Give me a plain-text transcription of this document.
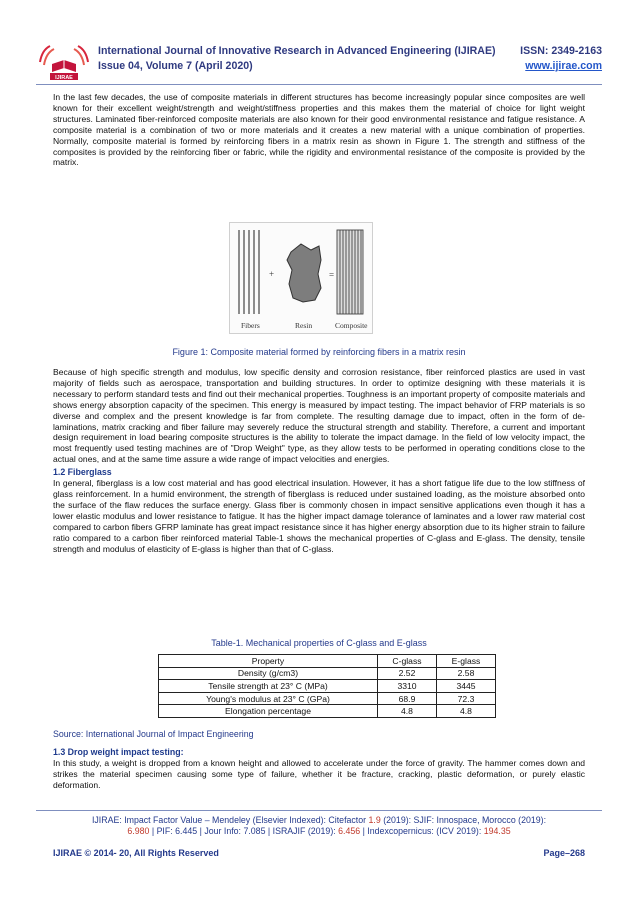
IJIRAE
International Journal of Innovative Research in Advanced Engineering (IJIRAE)	ISSN: 2349-2163
Issue 04, Volume 7 (April 2020)	www.ijirae.com

In the last few decades, the use of composite materials in different structures has become increasingly popular since composites are well known for their excellent weight/strength and weight/stiffness properties and this makes them the material of choice for light weight structures. Laminated fiber-reinforced composite materials are also known for their good environmental resistance and fatigue resistance. A composite material is a combination of two or more materials and it creates a new material with a unique combination of properties. Normally, composite material is formed by reinforcing fibers in a matrix resin as shown in Figure 1. The strength and stiffness of the composites is provided by the reinforcing fiber or fabric, while the rigidity and environmental resistance of the composite is provided by the matrix.

+	=
Fibers	Resin	Composite
Figure 1: Composite material formed by reinforcing fibers in a matrix resin

Because of high specific strength and modulus, low specific density and corrosion resistance, fiber reinforced plastics are used in vast majority of fields such as aerospace, transportation and building structures. In order to optimize designing with these materials it is necessary to perform standard tests and find out their mechanical properties. Toughness is an important property of composite materials and shows energy absorption capacity of the specimen. This energy is measured by impact testing. The impact behavior of FRP materials is so diverse and complex and the present knowledge is far from complete. The resulting damage due to impact, often in the form of de-laminations, matrix cracking and fiber failure may severely reduce the structural strength and stability. Therefore, a current and important design requirement in load bearing composite structures is the ability to tolerate the impact damage. In the field of low velocity impact, the most frequently used testing machines are of "Drop Weight" type, as they allow tests to be performed in operating conditions close to the actual ones, and at the same time assure a wide range of impact velocities and energies.

1.2 Fiberglass

In general, fiberglass is a low cost material and has good electrical insulation. However, it has a short fatigue life due to the low stiffness of glass reinforcement. In a humid environment, the strength of fiberglass is reduced under sustained loading, as the moisture absorbed onto the surface of the flaw reduces the surface energy. Glass fiber is commonly chosen in impact sensitive applications even though it has a lower elastic modulus and lower resistance to fatigue. It has the higher impact damage tolerance of laminates and a lower raw material cost compared to carbon fibers GFRP laminate has great impact resistance since it has higher energy absorption due to its higher strain to failure ratio compared to a carbon fiber reinforced material Table-1 shows the mechanical properties of C-glass and E-glass. The density, tensile strength and modulus of elasticity of E-glass is higher than that of C-glass.

Table-1. Mechanical properties of C-glass and E-glass
Property	C-glass	E-glass
Density (g/cm3)	2.52	2.58
Tensile strength at 23° C (MPa)	3310	3445
Young's modulus at 23° C (GPa)	68.9	72.3
Elongation percentage	4.8	4.8
Source: International Journal of Impact Engineering
1.3 Drop weight impact testing:

In this study, a weight is dropped from a known height and allowed to accelerate under the force of gravity. The hammer comes down and strikes the material specimen causing some type of failure, whether it be fracture, cracking, plastic deformation, or purely elastic deformation.

IJIRAE: Impact Factor Value – Mendeley (Elsevier Indexed): Citefactor 1.9 (2019): SJIF: Innospace, Morocco (2019):
6.980 | PIF: 6.445 | Jour Info: 7.085 | ISRAJIF (2019): 6.456 | Indexcopernicus: (ICV 2019): 194.35
IJIRAE © 2014- 20, All Rights Reserved	Page–268
